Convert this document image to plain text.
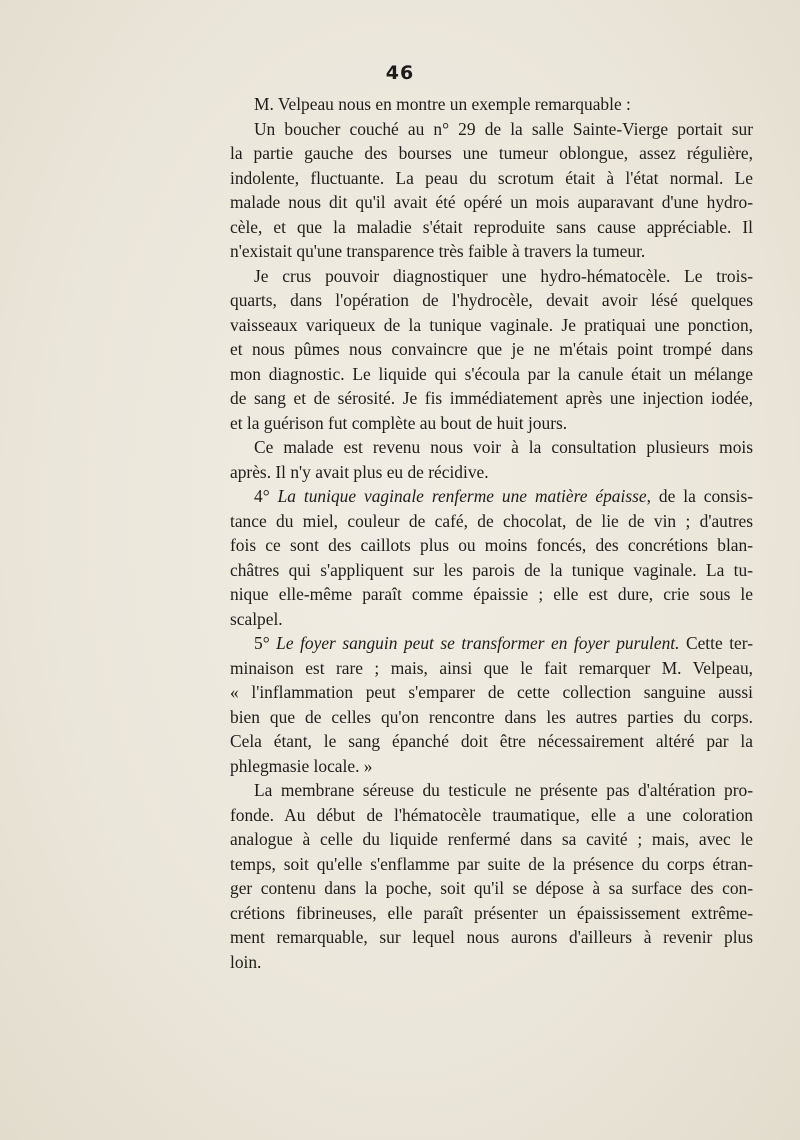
46
M. Velpeau nous en montre un exemple remarquable :
Un boucher couché au n° 29 de la salle Sainte-Vierge portait sur
la partie gauche des bourses une tumeur oblongue, assez régulière,
indolente, fluctuante. La peau du scrotum était à l'état normal. Le
malade nous dit qu'il avait été opéré un mois auparavant d'une hydro-
cèle, et que la maladie s'était reproduite sans cause appréciable. Il
n'existait qu'une transparence très faible à travers la tumeur.
Je crus pouvoir diagnostiquer une hydro-hématocèle. Le trois-
quarts, dans l'opération de l'hydrocèle, devait avoir lésé quelques
vaisseaux variqueux de la tunique vaginale. Je pratiquai une ponction,
et nous pûmes nous convaincre que je ne m'étais point trompé dans
mon diagnostic. Le liquide qui s'écoula par la canule était un mélange
de sang et de sérosité. Je fis immédiatement après une injection iodée,
et la guérison fut complète au bout de huit jours.
Ce malade est revenu nous voir à la consultation plusieurs mois
après. Il n'y avait plus eu de récidive.
4° La tunique vaginale renferme une matière épaisse, de la consis-
tance du miel, couleur de café, de chocolat, de lie de vin ; d'autres
fois ce sont des caillots plus ou moins foncés, des concrétions blan-
châtres qui s'appliquent sur les parois de la tunique vaginale. La tu-
nique elle-même paraît comme épaissie ; elle est dure, crie sous le
scalpel.
5° Le foyer sanguin peut se transformer en foyer purulent. Cette ter-
minaison est rare ; mais, ainsi que le fait remarquer M. Velpeau,
« l'inflammation peut s'emparer de cette collection sanguine aussi
bien que de celles qu'on rencontre dans les autres parties du corps.
Cela étant, le sang épanché doit être nécessairement altéré par la
phlegmasie locale. »
La membrane séreuse du testicule ne présente pas d'altération pro-
fonde. Au début de l'hématocèle traumatique, elle a une coloration
analogue à celle du liquide renfermé dans sa cavité ; mais, avec le
temps, soit qu'elle s'enflamme par suite de la présence du corps étran-
ger contenu dans la poche, soit qu'il se dépose à sa surface des con-
crétions fibrineuses, elle paraît présenter un épaississement extrême-
ment remarquable, sur lequel nous aurons d'ailleurs à revenir plus
loin.
